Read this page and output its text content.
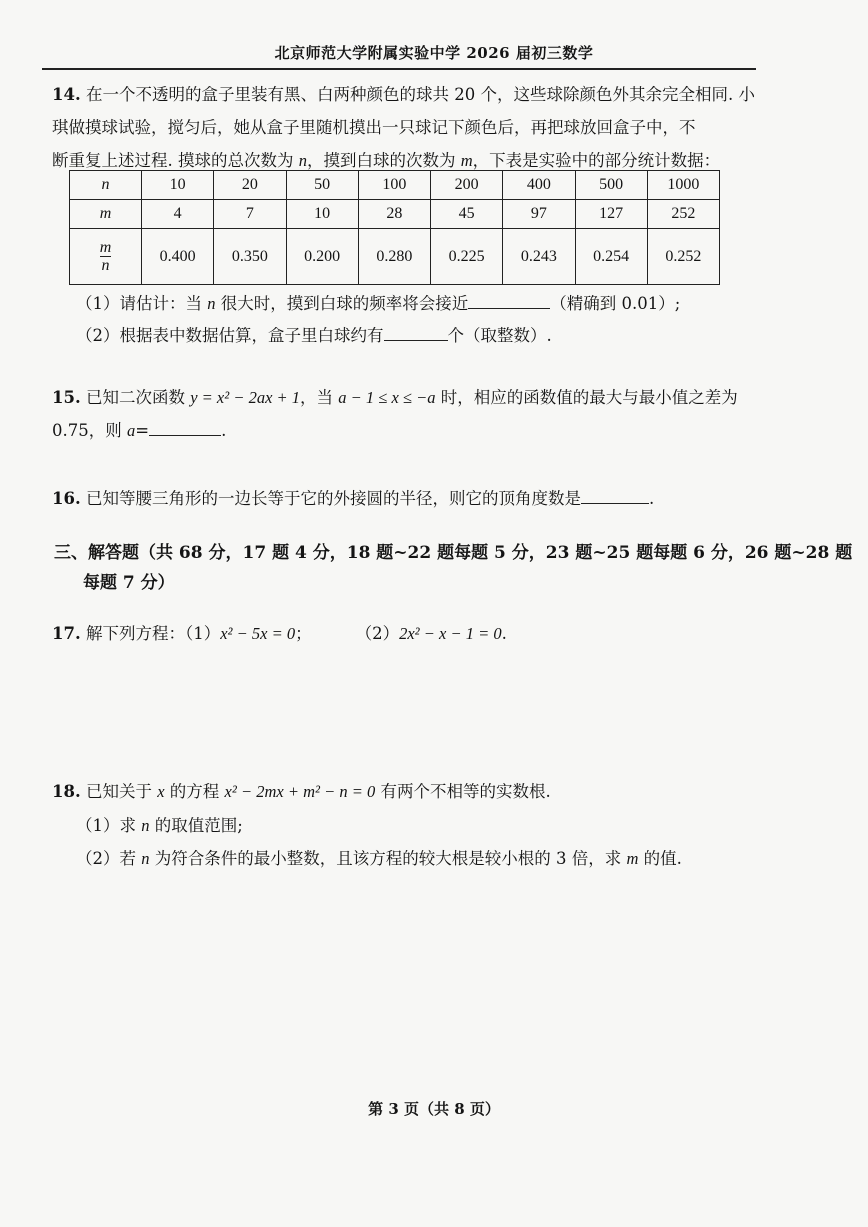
北京师范大学附属实验中学 2026 届初三数学
14. 在一个不透明的盒子里装有黑、白两种颜色的球共 20 个，这些球除颜色外其余完全相同. 小
琪做摸球试验，搅匀后，她从盒子里随机摸出一只球记下颜色后，再把球放回盒子中，不
断重复上述过程. 摸球的总次数为 n，摸到白球的次数为 m，下表是实验中的部分统计数据：
n	10	20	50	100	200	400	500	1000
m	4	7	10	28	45	97	127	252
$\frac{m}{n}$	0.400	0.350	0.200	0.280	0.225	0.243	0.254	0.252
（1）请估计：当 n 很大时，摸到白球的频率将会接近	（精确到 0.01）;
（2）根据表中数据估算，盒子里白球约有	个（取整数）.
15. 已知二次函数 y = x² − 2ax + 1，当 a − 1 ≤ x ≤ −a 时，相应的函数值的最大与最小值之差为
0.75，则 a=	.
16. 已知等腰三角形的一边长等于它的外接圆的半径，则它的顶角度数是	.
三、解答题（共 68 分，17 题 4 分，18 题~22 题每题 5 分，23 题~25 题每题 6 分，26 题~28 题
每题 7 分）
17. 解下列方程：（1）x² − 5x = 0；	（2）2x² − x − 1 = 0.
18. 已知关于 x 的方程 x² − 2mx + m² − n = 0 有两个不相等的实数根.
（1）求 n 的取值范围;
（2）若 n 为符合条件的最小整数，且该方程的较大根是较小根的 3 倍，求 m 的值.
第 3 页（共 8 页）
